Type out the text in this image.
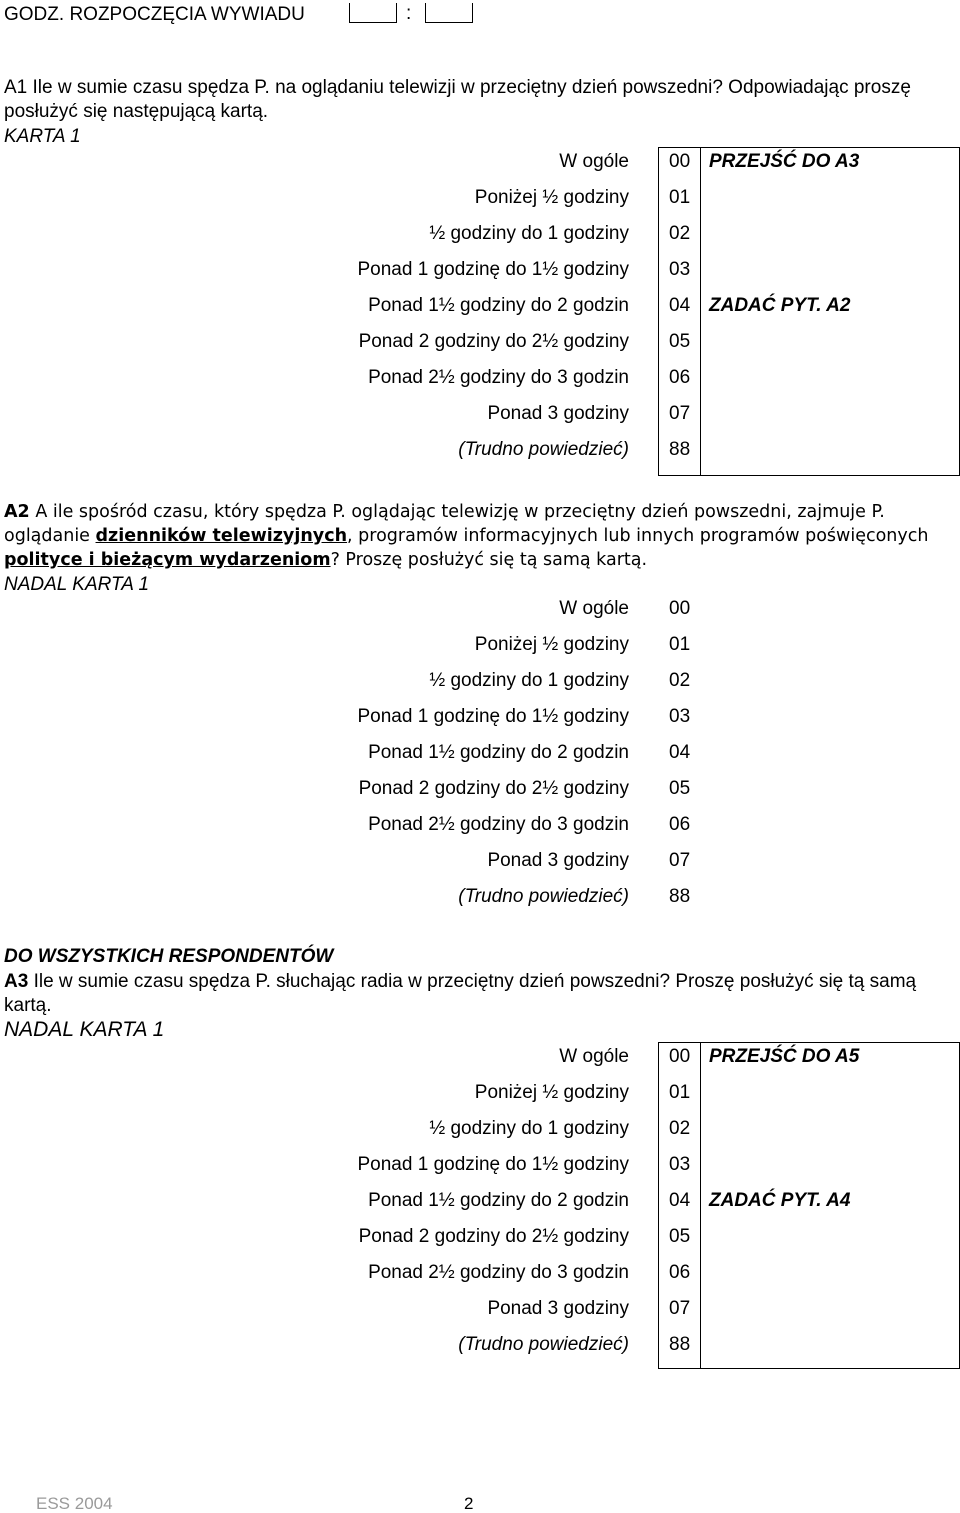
GODZ. ROZPOCZĘCIA WYWIADU	:
A1 Ile w sumie czasu spędza P. na oglądaniu telewizji w przeciętny dzień powszedni? Odpowiadając proszę posłużyć się następującą kartą.
KARTA 1
W ogóle 00
Poniżej ½ godziny 01
½ godziny do 1 godziny 02
Ponad 1 godzinę do 1½ godziny 03
Ponad 1½ godziny do 2 godzin 04
Ponad 2 godziny do 2½ godziny 05
Ponad 2½ godziny do 3 godzin 06
Ponad 3 godziny 07
(Trudno powiedzieć) 88
PRZEJŚĆ DO A3
ZADAĆ PYT. A2
A2 A ile spośród czasu, który spędza P. oglądając telewizję w przeciętny dzień powszedni, zajmuje P. oglądanie dzienników telewizyjnych, programów informacyjnych lub innych programów poświęconych polityce i bieżącym wydarzeniom? Proszę posłużyć się tą samą kartą.
NADAL KARTA 1
W ogóle 00
Poniżej ½ godziny 01
½ godziny do 1 godziny 02
Ponad 1 godzinę do 1½ godziny 03
Ponad 1½ godziny do 2 godzin 04
Ponad 2 godziny do 2½ godziny 05
Ponad 2½ godziny do 3 godzin 06
Ponad 3 godziny 07
(Trudno powiedzieć) 88
DO WSZYSTKICH RESPONDENTÓW
A3 Ile w sumie czasu spędza P. słuchając radia w przeciętny dzień powszedni? Proszę posłużyć się tą samą kartą.
NADAL KARTA 1
W ogóle 00
Poniżej ½ godziny 01
½ godziny do 1 godziny 02
Ponad 1 godzinę do 1½ godziny 03
Ponad 1½ godziny do 2 godzin 04
Ponad 2 godziny do 2½ godziny 05
Ponad 2½ godziny do 3 godzin 06
Ponad 3 godziny 07
(Trudno powiedzieć) 88
PRZEJŚĆ DO A5
ZADAĆ PYT. A4
ESS 2004	2
